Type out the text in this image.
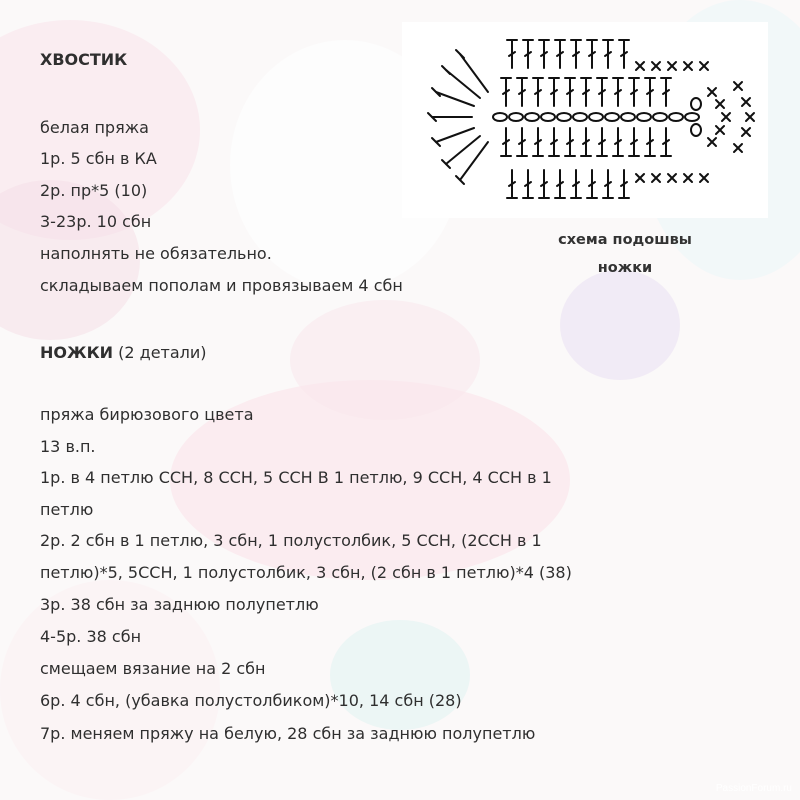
ХВОСТИК
белая пряжа
1р. 5 сбн в КА
2р. пр*5 (10)
3-23р. 10 сбн
наполнять не обязательно.
складываем пополам и провязываем 4 сбн
НОЖКИ (2 детали)
пряжа бирюзового цвета
13 в.п.
1р. в 4 петлю ССН, 8 ССН, 5 ССН В 1 петлю, 9 ССН, 4 ССН в 1
петлю
2р. 2 сбн в 1 петлю, 3 сбн, 1 полустолбик, 5 ССН, (2ССН в 1
петлю)*5, 5ССН, 1 полустолбик, 3 сбн, (2 сбн в 1 петлю)*4 (38)
3р. 38 сбн за заднюю полупетлю
4-5р. 38 сбн
смещаем вязание на 2 сбн
6р. 4 сбн, (убавка полустолбиком)*10, 14 сбн (28)
7р. меняем пряжу на белую, 28 сбн за заднюю полупетлю
схема подошвы
ножки
PassionForum.ru
